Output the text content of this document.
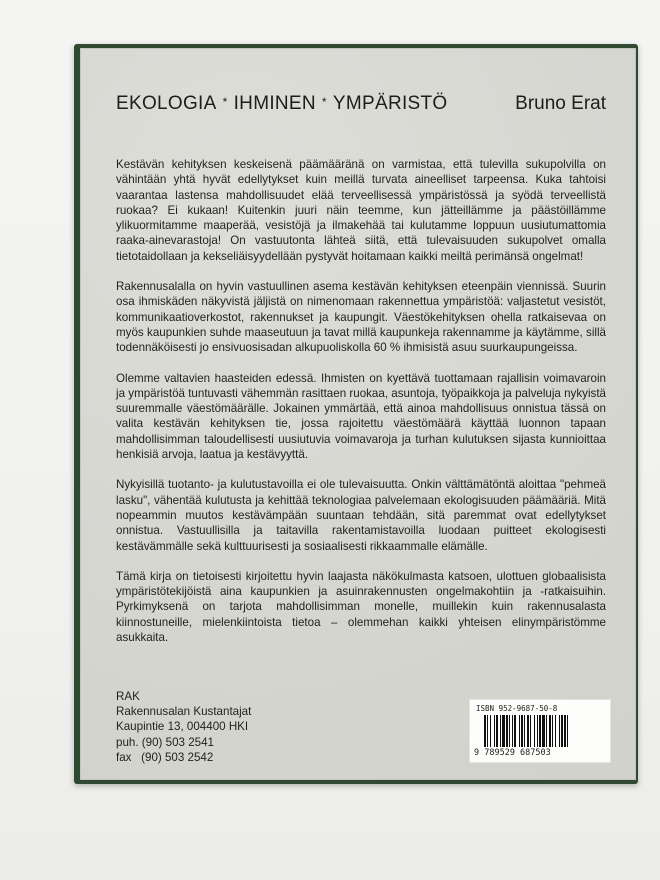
EKOLOGIA * IHMINEN * YMPÄRISTÖ	Bruno Erat

Kestävän kehityksen keskeisenä päämääränä on varmistaa, että tulevilla sukupolvilla on vähintään yhtä hyvät edellytykset kuin meillä turvata aineelliset tarpeensa. Kuka tahtoisi vaarantaa lastensa mahdollisuudet elää terveellisessä ympäristössä ja syödä terveellistä ruokaa? Ei kukaan! Kuitenkin juuri näin teemme, kun jätteillämme ja päästöillämme ylikuormitamme maaperää, vesistöjä ja ilmakehää tai kulutamme loppuun uusiutumattomia raaka-ainevarastoja! On vastuutonta lähteä siitä, että tulevaisuuden sukupolvet omalla tietotaidollaan ja kekseliäisyydellään pystyvät hoitamaan kaikki meiltä perimänsä ongelmat!

Rakennusalalla on hyvin vastuullinen asema kestävän kehityksen eteenpäin viennissä. Suurin osa ihmiskäden näkyvistä jäljistä on nimenomaan rakennettua ympäristöä: valjastetut vesistöt, kommunikaatioverkostot, rakennukset ja kaupungit. Väestökehityksen ohella ratkaisevaa on myös kaupunkien suhde maaseutuun ja tavat millä kaupunkeja rakennamme ja käytämme, sillä todennäköisesti jo ensivuosisadan alkupuoliskolla 60 % ihmisistä asuu suurkaupungeissa.

Olemme valtavien haasteiden edessä. Ihmisten on kyettävä tuottamaan rajallisin voimavaroin ja ympäristöä tuntuvasti vähemmän rasittaen ruokaa, asuntoja, työpaikkoja ja palveluja nykyistä suuremmalle väestömäärälle. Jokainen ymmärtää, että ainoa mahdollisuus onnistua tässä on valita kestävän kehityksen tie, jossa rajoitettu väestömäärä käyttää luonnon tapaan mahdollisimman taloudellisesti uusiutuvia voimavaroja ja turhan kulutuksen sijasta kunnioittaa henkisiä arvoja, laatua ja kestävyyttä.

Nykyisillä tuotanto- ja kulutustavoilla ei ole tulevaisuutta. Onkin välttämätöntä aloittaa "pehmeä lasku", vähentää kulutusta ja kehittää teknologiaa palvelemaan ekologisuuden päämääriä. Mitä nopeammin muutos kestävämpään suuntaan tehdään, sitä paremmat ovat edellytykset onnistua. Vastuullisilla ja taitavilla rakentamistavoilla luodaan puitteet ekologisesti kestävämmälle sekä kulttuurisesti ja sosiaalisesti rikkaammalle elämälle.

Tämä kirja on tietoisesti kirjoitettu hyvin laajasta näkökulmasta katsoen, ulottuen globaalisista ympäristötekijöistä aina kaupunkien ja asuinrakennusten ongelmakohtiin ja -ratkaisuihin. Pyrkimyksenä on tarjota mahdollisimman monelle, muillekin kuin rakennusalasta kiinnostuneille, mielenkiintoista tietoa – olemmehan kaikki yhteisen elinympäristömme asukkaita.

RAK
Rakennusalan Kustantajat
Kaupintie 13, 004400 HKI
puh. (90) 503 2541
fax   (90) 503 2542
ISBN 952-9687-50-8
9 789529 687503
